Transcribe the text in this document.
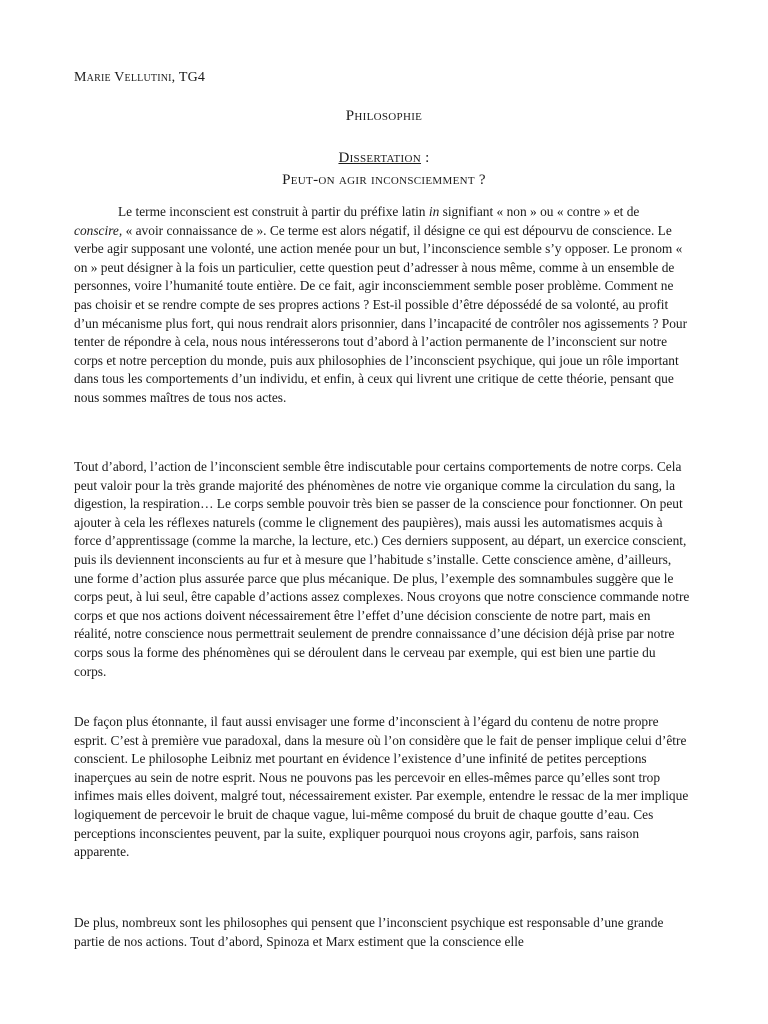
Marie Vellutini, TG4
Philosophie
Dissertation :
Peut-on agir inconsciemment ?

Le terme inconscient est construit à partir du préfixe latin in signifiant « non » ou « contre » et de conscire, « avoir connaissance de ». Ce terme est alors négatif, il désigne ce qui est dépourvu de conscience. Le verbe agir supposant une volonté, une action menée pour un but, l’inconscience semble s’y opposer. Le pronom « on » peut désigner à la fois un particulier, cette question peut d’adresser à nous même, comme à un ensemble de personnes, voire l’humanité toute entière. De ce fait, agir inconsciemment semble poser problème. Comment ne pas choisir et se rendre compte de ses propres actions ? Est-il possible d’être dépossédé de sa volonté, au profit d’un mécanisme plus fort, qui nous rendrait alors prisonnier, dans l’incapacité de contrôler nos agissements ? Pour tenter de répondre à cela, nous nous intéresserons tout d’abord à l’action permanente de l’inconscient sur notre corps et notre perception du monde, puis aux philosophies de l’inconscient psychique, qui joue un rôle important dans tous les comportements d’un individu, et enfin, à ceux qui livrent une critique de cette théorie, pensant que nous sommes maîtres de tous nos actes.

Tout d’abord, l’action de l’inconscient semble être indiscutable pour certains comportements de notre corps. Cela peut valoir pour la très grande majorité des phénomènes de notre vie organique comme la circulation du sang, la digestion, la respiration… Le corps semble pouvoir très bien se passer de la conscience pour fonctionner. On peut ajouter à cela les réflexes naturels (comme le clignement des paupières), mais aussi les automatismes acquis à force d’apprentissage (comme la marche, la lecture, etc.) Ces derniers supposent, au départ, un exercice conscient, puis ils deviennent inconscients au fur et à mesure que l’habitude s’installe. Cette conscience amène, d’ailleurs, une forme d’action plus assurée parce que plus mécanique. De plus, l’exemple des somnambules suggère que le corps peut, à lui seul, être capable d’actions assez complexes. Nous croyons que notre conscience commande notre corps et que nos actions doivent nécessairement être l’effet d’une décision consciente de notre part, mais en réalité, notre conscience nous permettrait seulement de prendre connaissance d’une décision déjà prise par notre corps sous la forme des phénomènes qui se déroulent dans le cerveau par exemple, qui est bien une partie du corps.

De façon plus étonnante, il faut aussi envisager une forme d’inconscient à l’égard du contenu de notre propre esprit. C’est à première vue paradoxal, dans la mesure où l’on considère que le fait de penser implique celui d’être conscient. Le philosophe Leibniz met pourtant en évidence l’existence d’une infinité de petites perceptions inaperçues au sein de notre esprit. Nous ne pouvons pas les percevoir en elles-mêmes parce qu’elles sont trop infimes mais elles doivent, malgré tout, nécessairement exister. Par exemple, entendre le ressac de la mer implique logiquement de percevoir le bruit de chaque vague, lui-même composé du bruit de chaque goutte d’eau. Ces perceptions inconscientes peuvent, par la suite, expliquer pourquoi nous croyons agir, parfois, sans raison apparente.

De plus, nombreux sont les philosophes qui pensent que l’inconscient psychique est responsable d’une grande partie de nos actions. Tout d’abord, Spinoza et Marx estiment que la conscience elle
